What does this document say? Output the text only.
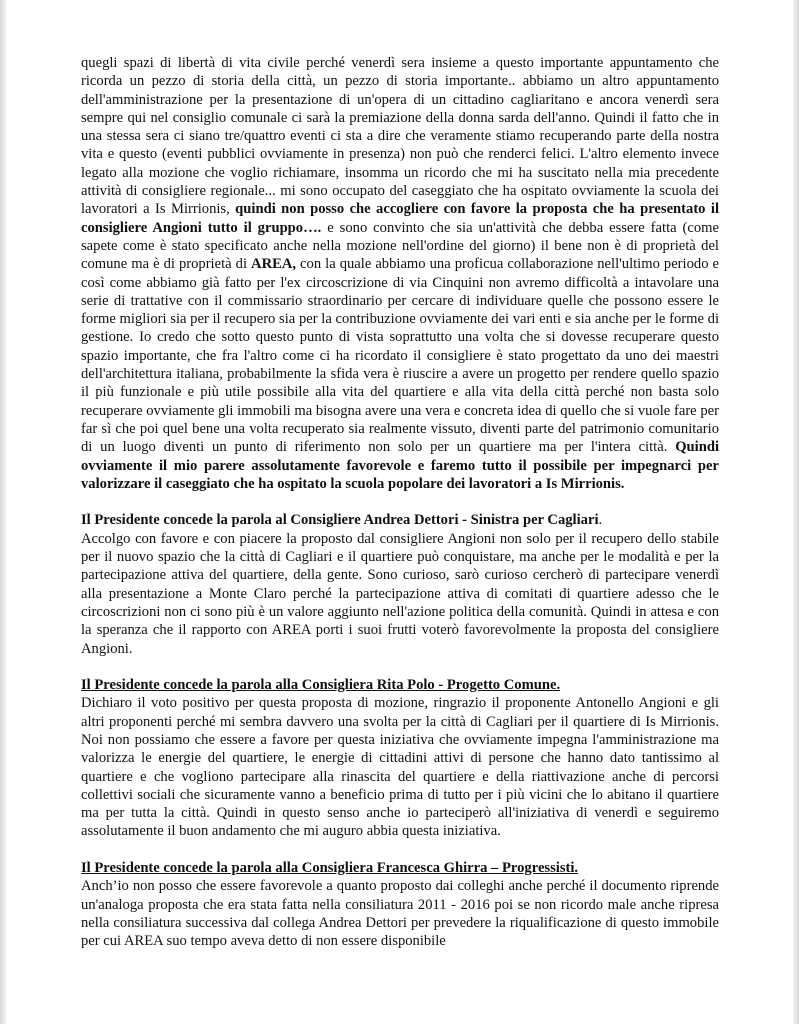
quegli spazi di libertà di vita civile perché venerdì sera insieme a questo importante appuntamento che ricorda un pezzo di storia della città, un pezzo di storia importante.. abbiamo un altro appuntamento dell'amministrazione per la presentazione di un'opera di un cittadino cagliaritano e ancora venerdì sera sempre qui nel consiglio comunale ci sarà la premiazione della donna sarda dell'anno. Quindi il fatto che in una stessa sera ci siano tre/quattro eventi ci sta a dire che veramente stiamo recuperando parte della nostra vita e questo (eventi pubblici ovviamente in presenza) non può che renderci felici. L'altro elemento invece legato alla mozione che voglio richiamare, insomma un ricordo che mi ha suscitato nella mia precedente attività di consigliere regionale... mi sono occupato del caseggiato che ha ospitato ovviamente la scuola dei lavoratori a Is Mirrionis, quindi non posso che accogliere con favore la proposta che ha presentato il consigliere Angioni tutto il gruppo…. e sono convinto che sia un'attività che debba essere fatta (come sapete come è stato specificato anche nella mozione nell'ordine del giorno) il bene non è di proprietà del comune ma è di proprietà di AREA, con la quale abbiamo una proficua collaborazione nell'ultimo periodo e così come abbiamo già fatto per l'ex circoscrizione di via Cinquini non avremo difficoltà a intavolare una serie di trattative con il commissario straordinario per cercare di individuare quelle che possono essere le forme migliori sia per il recupero sia per la contribuzione ovviamente dei vari enti e sia anche per le forme di gestione. Io credo che sotto questo punto di vista soprattutto una volta che si dovesse recuperare questo spazio importante, che fra l'altro come ci ha ricordato il consigliere è stato progettato da uno dei maestri dell'architettura italiana, probabilmente la sfida vera è riuscire a avere un progetto per rendere quello spazio il più funzionale e più utile possibile alla vita del quartiere e alla vita della città perché non basta solo recuperare ovviamente gli immobili ma bisogna avere una vera e concreta idea di quello che si vuole fare per far sì che poi quel bene una volta recuperato sia realmente vissuto, diventi parte del patrimonio comunitario di un luogo diventi un punto di riferimento non solo per un quartiere ma per l'intera città. Quindi ovviamente il mio parere assolutamente favorevole e faremo tutto il possibile per impegnarci per valorizzare il caseggiato che ha ospitato la scuola popolare dei lavoratori a Is Mirrionis.

Il Presidente concede la parola al Consigliere Andrea Dettori - Sinistra per Cagliari.

Accolgo con favore e con piacere la proposto dal consigliere Angioni non solo per il recupero dello stabile per il nuovo spazio che la città di Cagliari e il quartiere può conquistare, ma anche per le modalità e per la partecipazione attiva del quartiere, della gente. Sono curioso, sarò curioso cercherò di partecipare venerdì alla presentazione a Monte Claro perché la partecipazione attiva di comitati di quartiere adesso che le circoscrizioni non ci sono più è un valore aggiunto nell'azione politica della comunità. Quindi in attesa e con la speranza che il rapporto con AREA porti i suoi frutti voterò favorevolmente la proposta del consigliere Angioni.

Il Presidente concede la parola alla Consigliera Rita Polo - Progetto Comune.

Dichiaro il voto positivo per questa proposta di mozione, ringrazio il proponente Antonello Angioni e gli altri proponenti perché mi sembra davvero una svolta per la città di Cagliari per il quartiere di Is Mirrionis. Noi non possiamo che essere a favore per questa iniziativa che ovviamente impegna l'amministrazione ma valorizza le energie del quartiere, le energie di cittadini attivi di persone che hanno dato tantissimo al quartiere e che vogliono partecipare alla rinascita del quartiere e della riattivazione anche di percorsi collettivi sociali che sicuramente vanno a beneficio prima di tutto per i più vicini che lo abitano il quartiere ma per tutta la città. Quindi in questo senso anche io parteciperò all'iniziativa di venerdì e seguiremo assolutamente il buon andamento che mi auguro abbia questa iniziativa.

Il Presidente concede la parola alla Consigliera Francesca Ghirra – Progressisti.

Anch’io non posso che essere favorevole a quanto proposto dai colleghi anche perché il documento riprende un'analoga proposta che era stata fatta nella consiliatura 2011 - 2016 poi se non ricordo male anche ripresa nella consiliatura successiva dal collega Andrea Dettori per prevedere la riqualificazione di questo immobile per cui AREA suo tempo aveva detto di non essere disponibile
